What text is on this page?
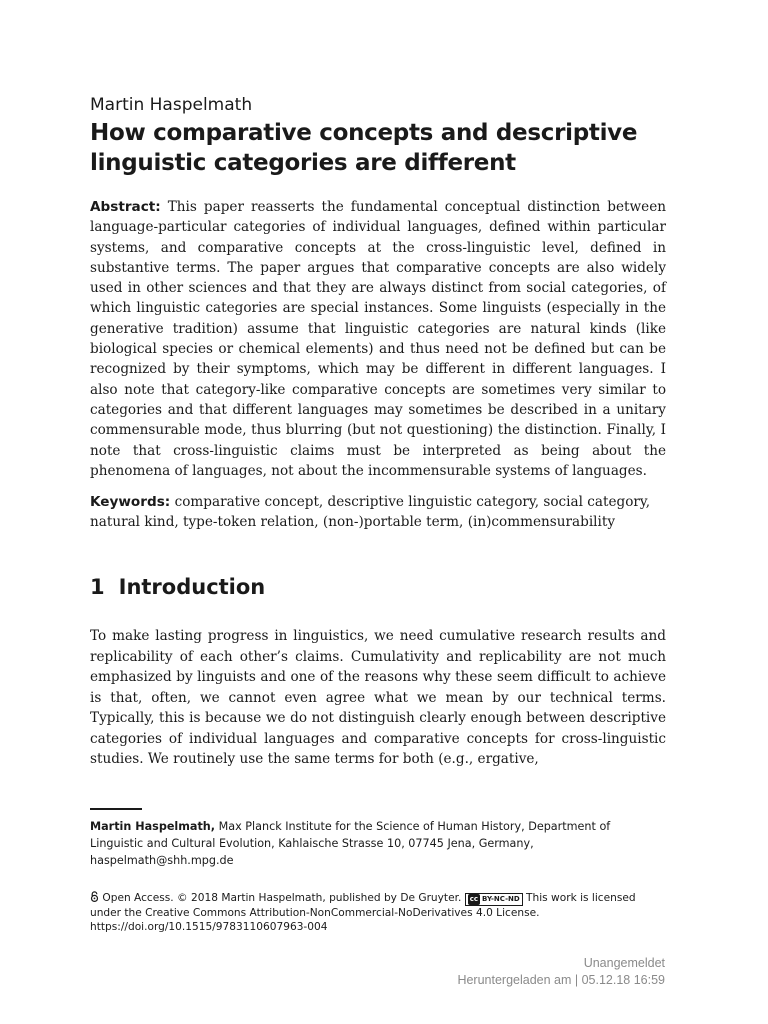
Martin Haspelmath
How comparative concepts and descriptive linguistic categories are different
Abstract: This paper reasserts the fundamental conceptual distinction between language-particular categories of individual languages, defined within particular systems, and comparative concepts at the cross-linguistic level, defined in substantive terms. The paper argues that comparative concepts are also widely used in other sciences and that they are always distinct from social categories, of which linguistic categories are special instances. Some linguists (especially in the generative tradition) assume that linguistic categories are natural kinds (like biological species or chemical elements) and thus need not be defined but can be recognized by their symptoms, which may be different in different languages. I also note that category-like comparative concepts are sometimes very similar to categories and that different languages may sometimes be described in a unitary commensurable mode, thus blurring (but not questioning) the distinction. Finally, I note that cross-linguistic claims must be interpreted as being about the phenomena of languages, not about the incommensurable systems of languages.
Keywords: comparative concept, descriptive linguistic category, social category, natural kind, type-token relation, (non-)portable term, (in)commensurability
1 Introduction
To make lasting progress in linguistics, we need cumulative research results and replicability of each other’s claims. Cumulativity and replicability are not much emphasized by linguists and one of the reasons why these seem difficult to achieve is that, often, we cannot even agree what we mean by our technical terms. Typically, this is because we do not distinguish clearly enough between descriptive categories of individual languages and comparative concepts for cross-linguistic studies. We routinely use the same terms for both (e.g., ergative,
Martin Haspelmath, Max Planck Institute for the Science of Human History, Department of Linguistic and Cultural Evolution, Kahlaische Strasse 10, 07745 Jena, Germany,
haspelmath@shh.mpg.de
Open Access. © 2018 Martin Haspelmath, published by De Gruyter. cc BY-NC-ND This work is licensed under the Creative Commons Attribution-NonCommercial-NoDerivatives 4.0 License.
https://doi.org/10.1515/9783110607963-004
Unangemeldet
Heruntergeladen am | 05.12.18 16:59
